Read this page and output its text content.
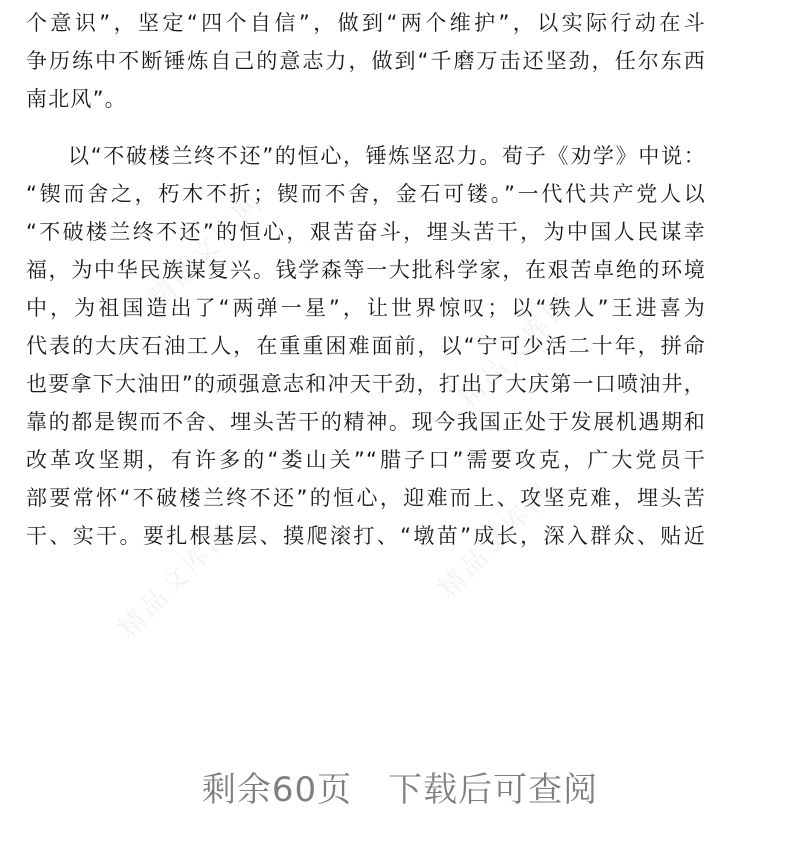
精品文库网
精品文库网
精品文库网	精品文库网
个意识”，坚定“四个自信”，做到“两个维护”，以实际行动在斗
争历练中不断锤炼自己的意志力，做到“千磨万击还坚劲，任尔东西
南北风”。
以“不破楼兰终不还”的恒心，锤炼坚忍力。荀子《劝学》中说：
“锲而舍之，朽木不折；锲而不舍，金石可镂。”一代代共产党人以
“不破楼兰终不还”的恒心，艰苦奋斗，埋头苦干，为中国人民谋幸
福，为中华民族谋复兴。钱学森等一大批科学家，在艰苦卓绝的环境
中，为祖国造出了“两弹一星”，让世界惊叹；以“铁人”王进喜为
代表的大庆石油工人，在重重困难面前，以“宁可少活二十年，拼命
也要拿下大油田”的顽强意志和冲天干劲，打出了大庆第一口喷油井，
靠的都是锲而不舍、埋头苦干的精神。现今我国正处于发展机遇期和
改革攻坚期，有许多的“娄山关”“腊子口”需要攻克，广大党员干
部要常怀“不破楼兰终不还”的恒心，迎难而上、攻坚克难，埋头苦
干、实干。要扎根基层、摸爬滚打、“墩苗”成长，深入群众、贴近
剩余60页 下载后可查阅
